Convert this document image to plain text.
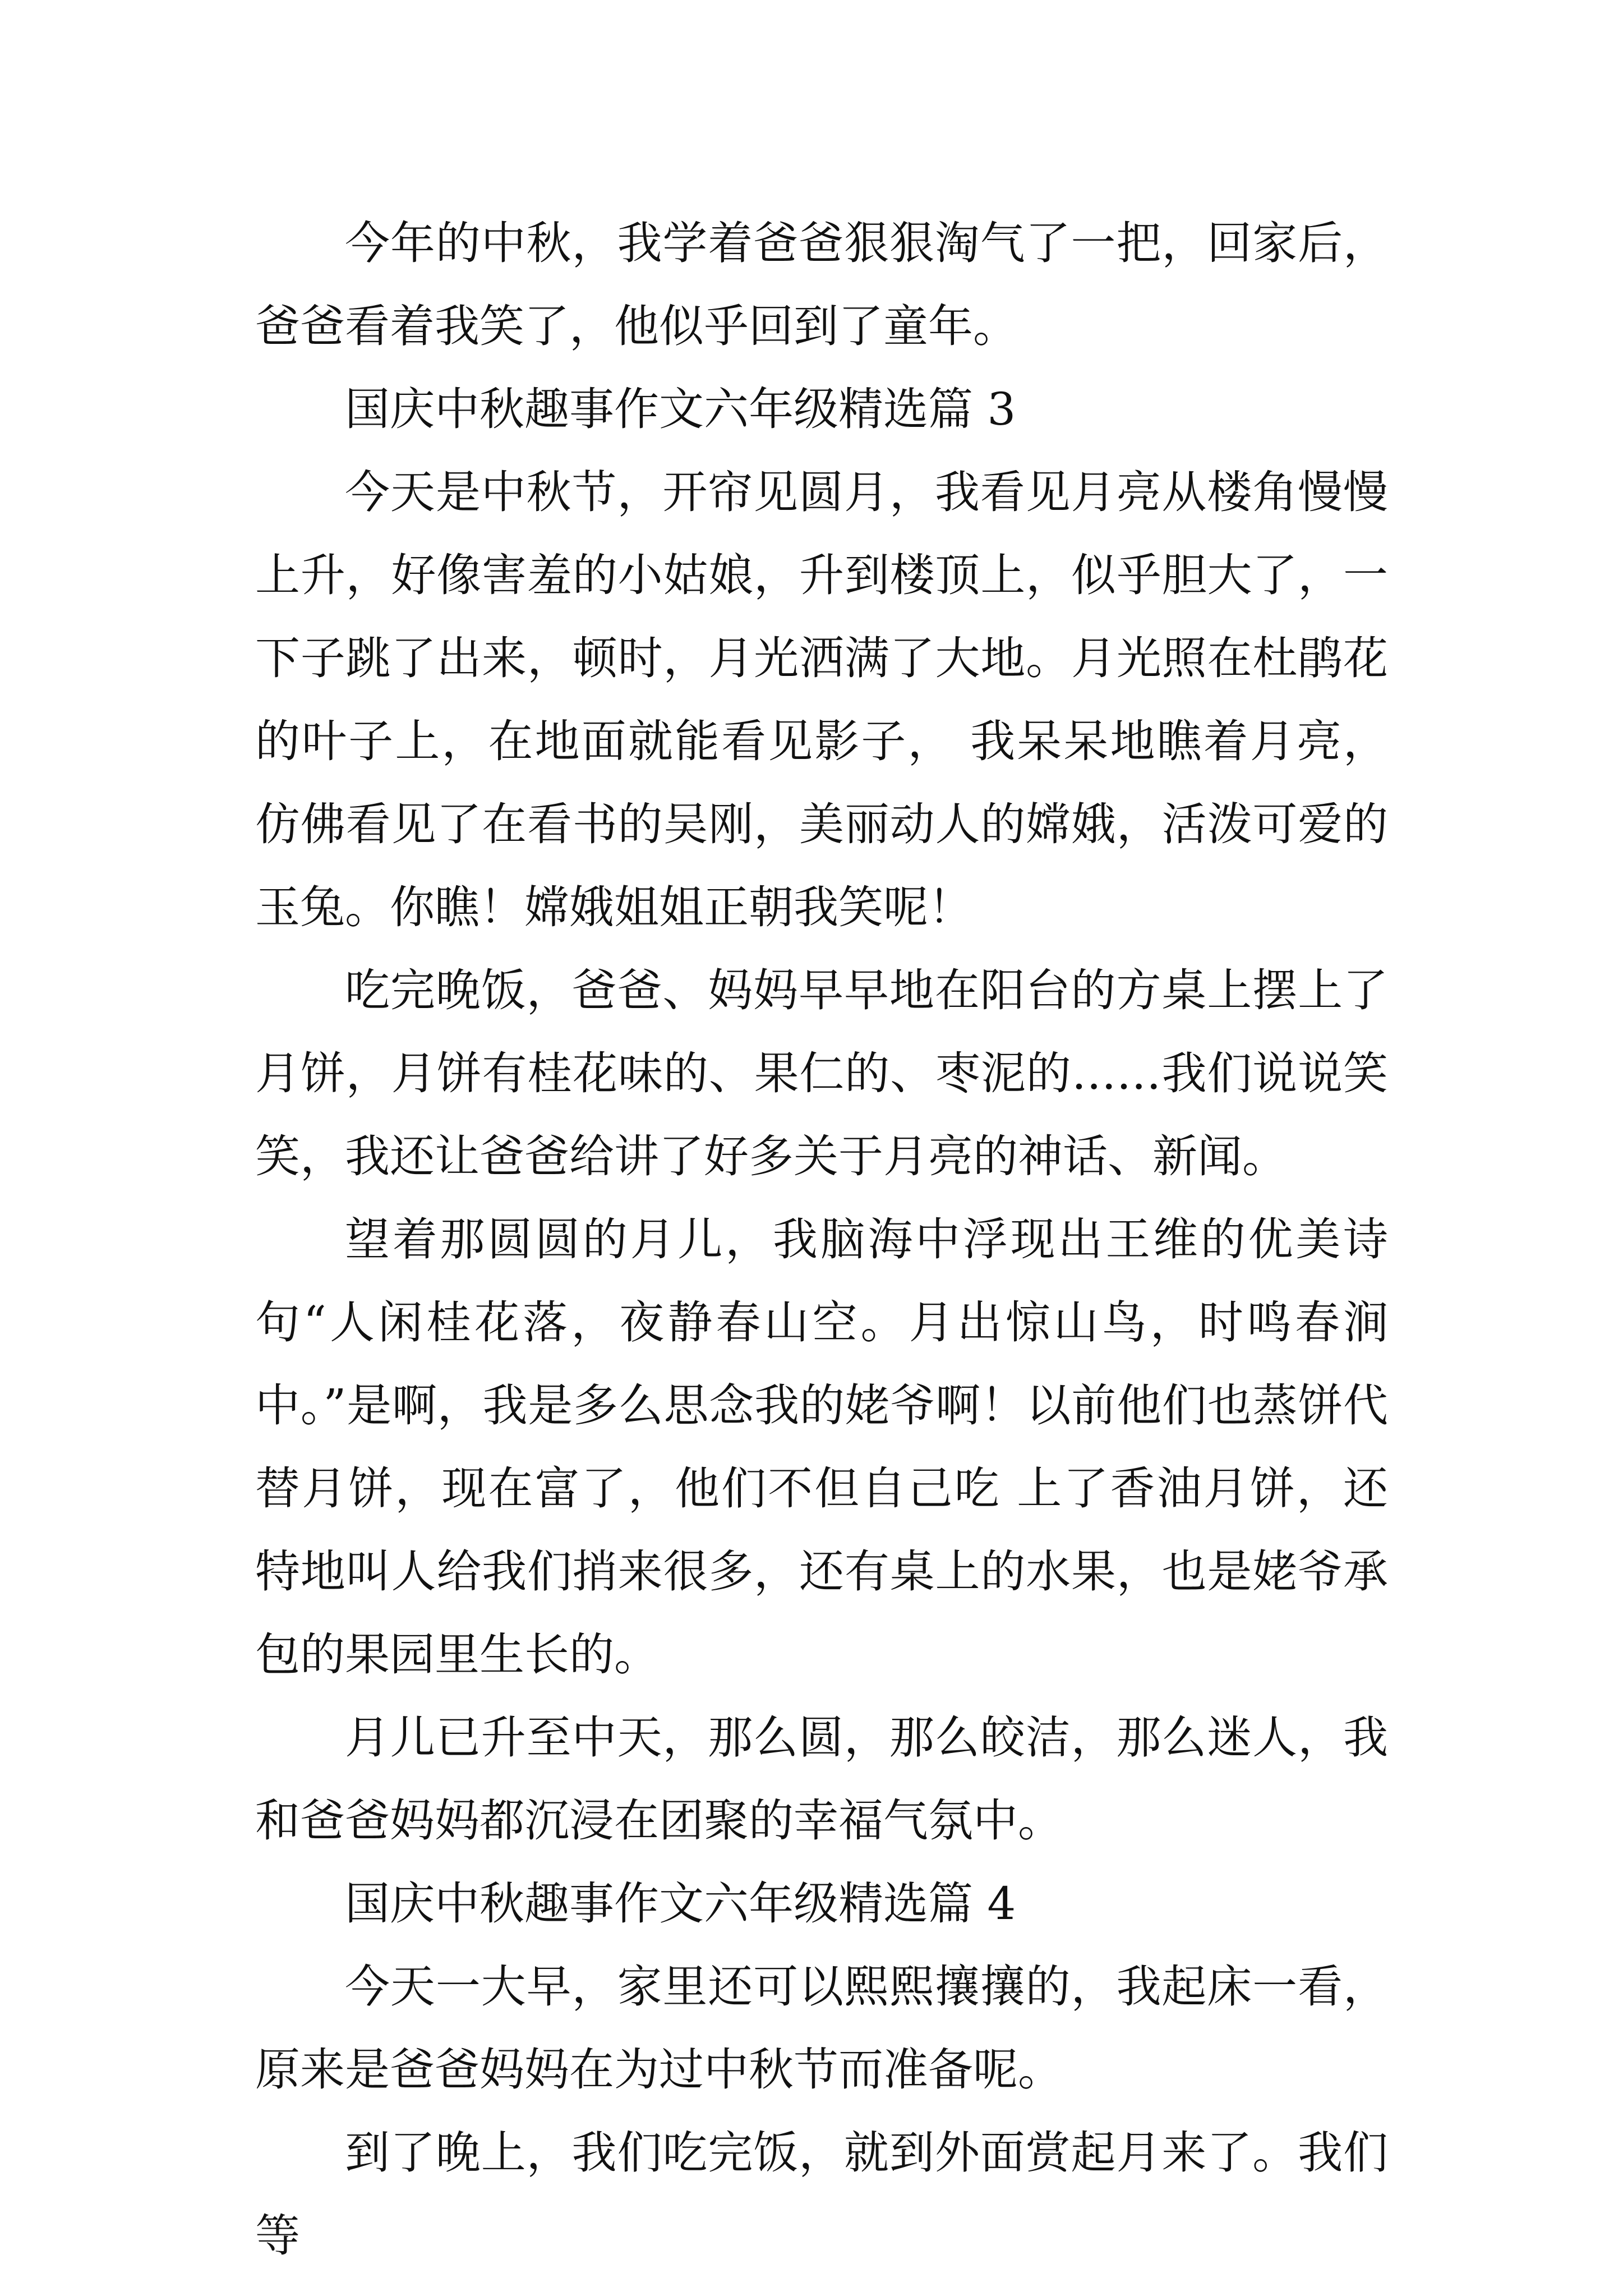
今年的中秋，我学着爸爸狠狠淘气了一把，回家后，爸爸看着我笑了，他似乎回到了童年。

国庆中秋趣事作文六年级精选篇 3

今天是中秋节，开帘见圆月，我看见月亮从楼角慢慢上升，好像害羞的小姑娘，升到楼顶上，似乎胆大了，一下子跳了出来，顿时，月光洒满了大地。月光照在杜鹃花的叶子上，在地面就能看见影子， 我呆呆地瞧着月亮，仿佛看见了在看书的吴刚，美丽动人的嫦娥，活泼可爱的玉兔。你瞧！嫦娥姐姐正朝我笑呢！

吃完晚饭，爸爸、妈妈早早地在阳台的方桌上摆上了月饼，月饼有桂花味的、果仁的、枣泥的……我们说说笑笑，我还让爸爸给讲了好多关于月亮的神话、新闻。

望着那圆圆的月儿，我脑海中浮现出王维的优美诗句“人闲桂花落，夜静春山空。月出惊山鸟，时鸣春涧中。”是啊，我是多么思念我的姥爷啊！以前他们也蒸饼代替月饼，现在富了，他们不但自己吃 上了香油月饼，还特地叫人给我们捎来很多，还有桌上的水果，也是姥爷承包的果园里生长的。

月儿已升至中天，那么圆，那么皎洁，那么迷人，我和爸爸妈妈都沉浸在团聚的幸福气氛中。

国庆中秋趣事作文六年级精选篇 4

今天一大早，家里还可以熙熙攘攘的，我起床一看，原来是爸爸妈妈在为过中秋节而准备呢。

到了晚上，我们吃完饭，就到外面赏起月来了。我们等
